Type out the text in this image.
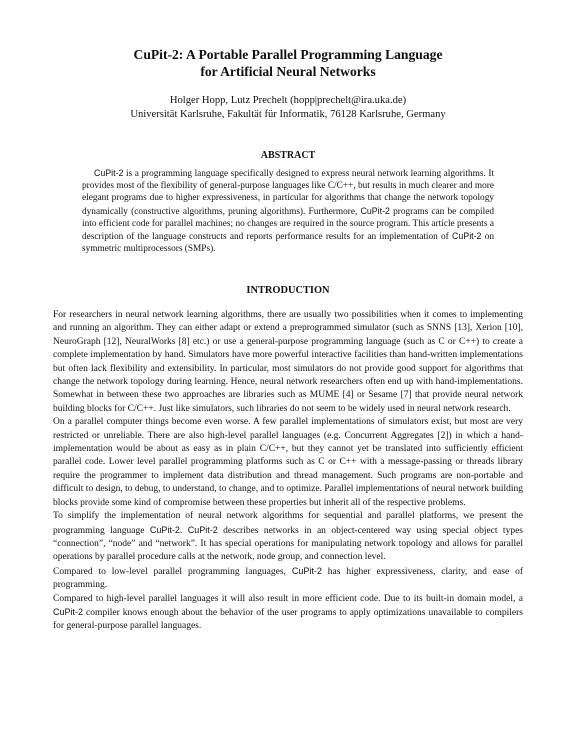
CuPit-2: A Portable Parallel Programming Language
for Artificial Neural Networks
Holger Hopp, Lutz Prechelt (hopp|prechelt@ira.uka.de)
Universität Karlsruhe, Fakultät für Informatik, 76128 Karlsruhe, Germany
ABSTRACT

CuPit-2 is a programming language specifically designed to express neural network learning algorithms. It provides most of the flexibility of general-purpose languages like C/C++, but results in much clearer and more elegant programs due to higher expressiveness, in particular for algorithms that change the network topology dynamically (constructive algorithms, pruning algorithms). Furthermore, CuPit-2 programs can be compiled into efficient code for parallel machines; no changes are required in the source program. This article presents a description of the language constructs and reports performance results for an implementation of CuPit-2 on symmetric multiprocessors (SMPs).

INTRODUCTION

For researchers in neural network learning algorithms, there are usually two possibilities when it comes to implementing and running an algorithm. They can either adapt or extend a preprogrammed simulator (such as SNNS [13], Xerion [10], NeuroGraph [12], NeuralWorks [8] etc.) or use a general-purpose programming language (such as C or C++) to create a complete implementation by hand. Simulators have more powerful interactive facilities than hand-written implementations but often lack flexibility and extensibility. In particular, most simulators do not provide good support for algorithms that change the network topology during learning. Hence, neural network researchers often end up with hand-implementations. Somewhat in between these two approaches are libraries such as MUME [4] or Sesame [7] that provide neural network building blocks for C/C++. Just like simulators, such libraries do not seem to be widely used in neural network research.

On a parallel computer things become even worse. A few parallel implementations of simulators exist, but most are very restricted or unreliable. There are also high-level parallel languages (e.g. Concurrent Aggregates [2]) in which a hand-implementation would be about as easy as in plain C/C++, but they cannot yet be translated into sufficiently efficient parallel code. Lower level parallel programming platforms such as C or C++ with a message-passing or threads library require the programmer to implement data distribution and thread management. Such programs are non-portable and difficult to design, to debug, to understand, to change, and to optimize. Parallel implementations of neural network building blocks provide some kind of compromise between these properties but inherit all of the respective problems.

To simplify the implementation of neural network algorithms for sequential and parallel platforms, we present the programming language CuPit-2. CuPit-2 describes networks in an object-centered way using special object types “connection”, “node” and “network”. It has special operations for manipulating network topology and allows for parallel operations by parallel procedure calls at the network, node group, and connection level.

Compared to low-level parallel programming languages, CuPit-2 has higher expressiveness, clarity, and ease of programming.

Compared to high-level parallel languages it will also result in more efficient code. Due to its built-in domain model, a CuPit-2 compiler knows enough about the behavior of the user programs to apply optimizations unavailable to compilers for general-purpose parallel languages.
